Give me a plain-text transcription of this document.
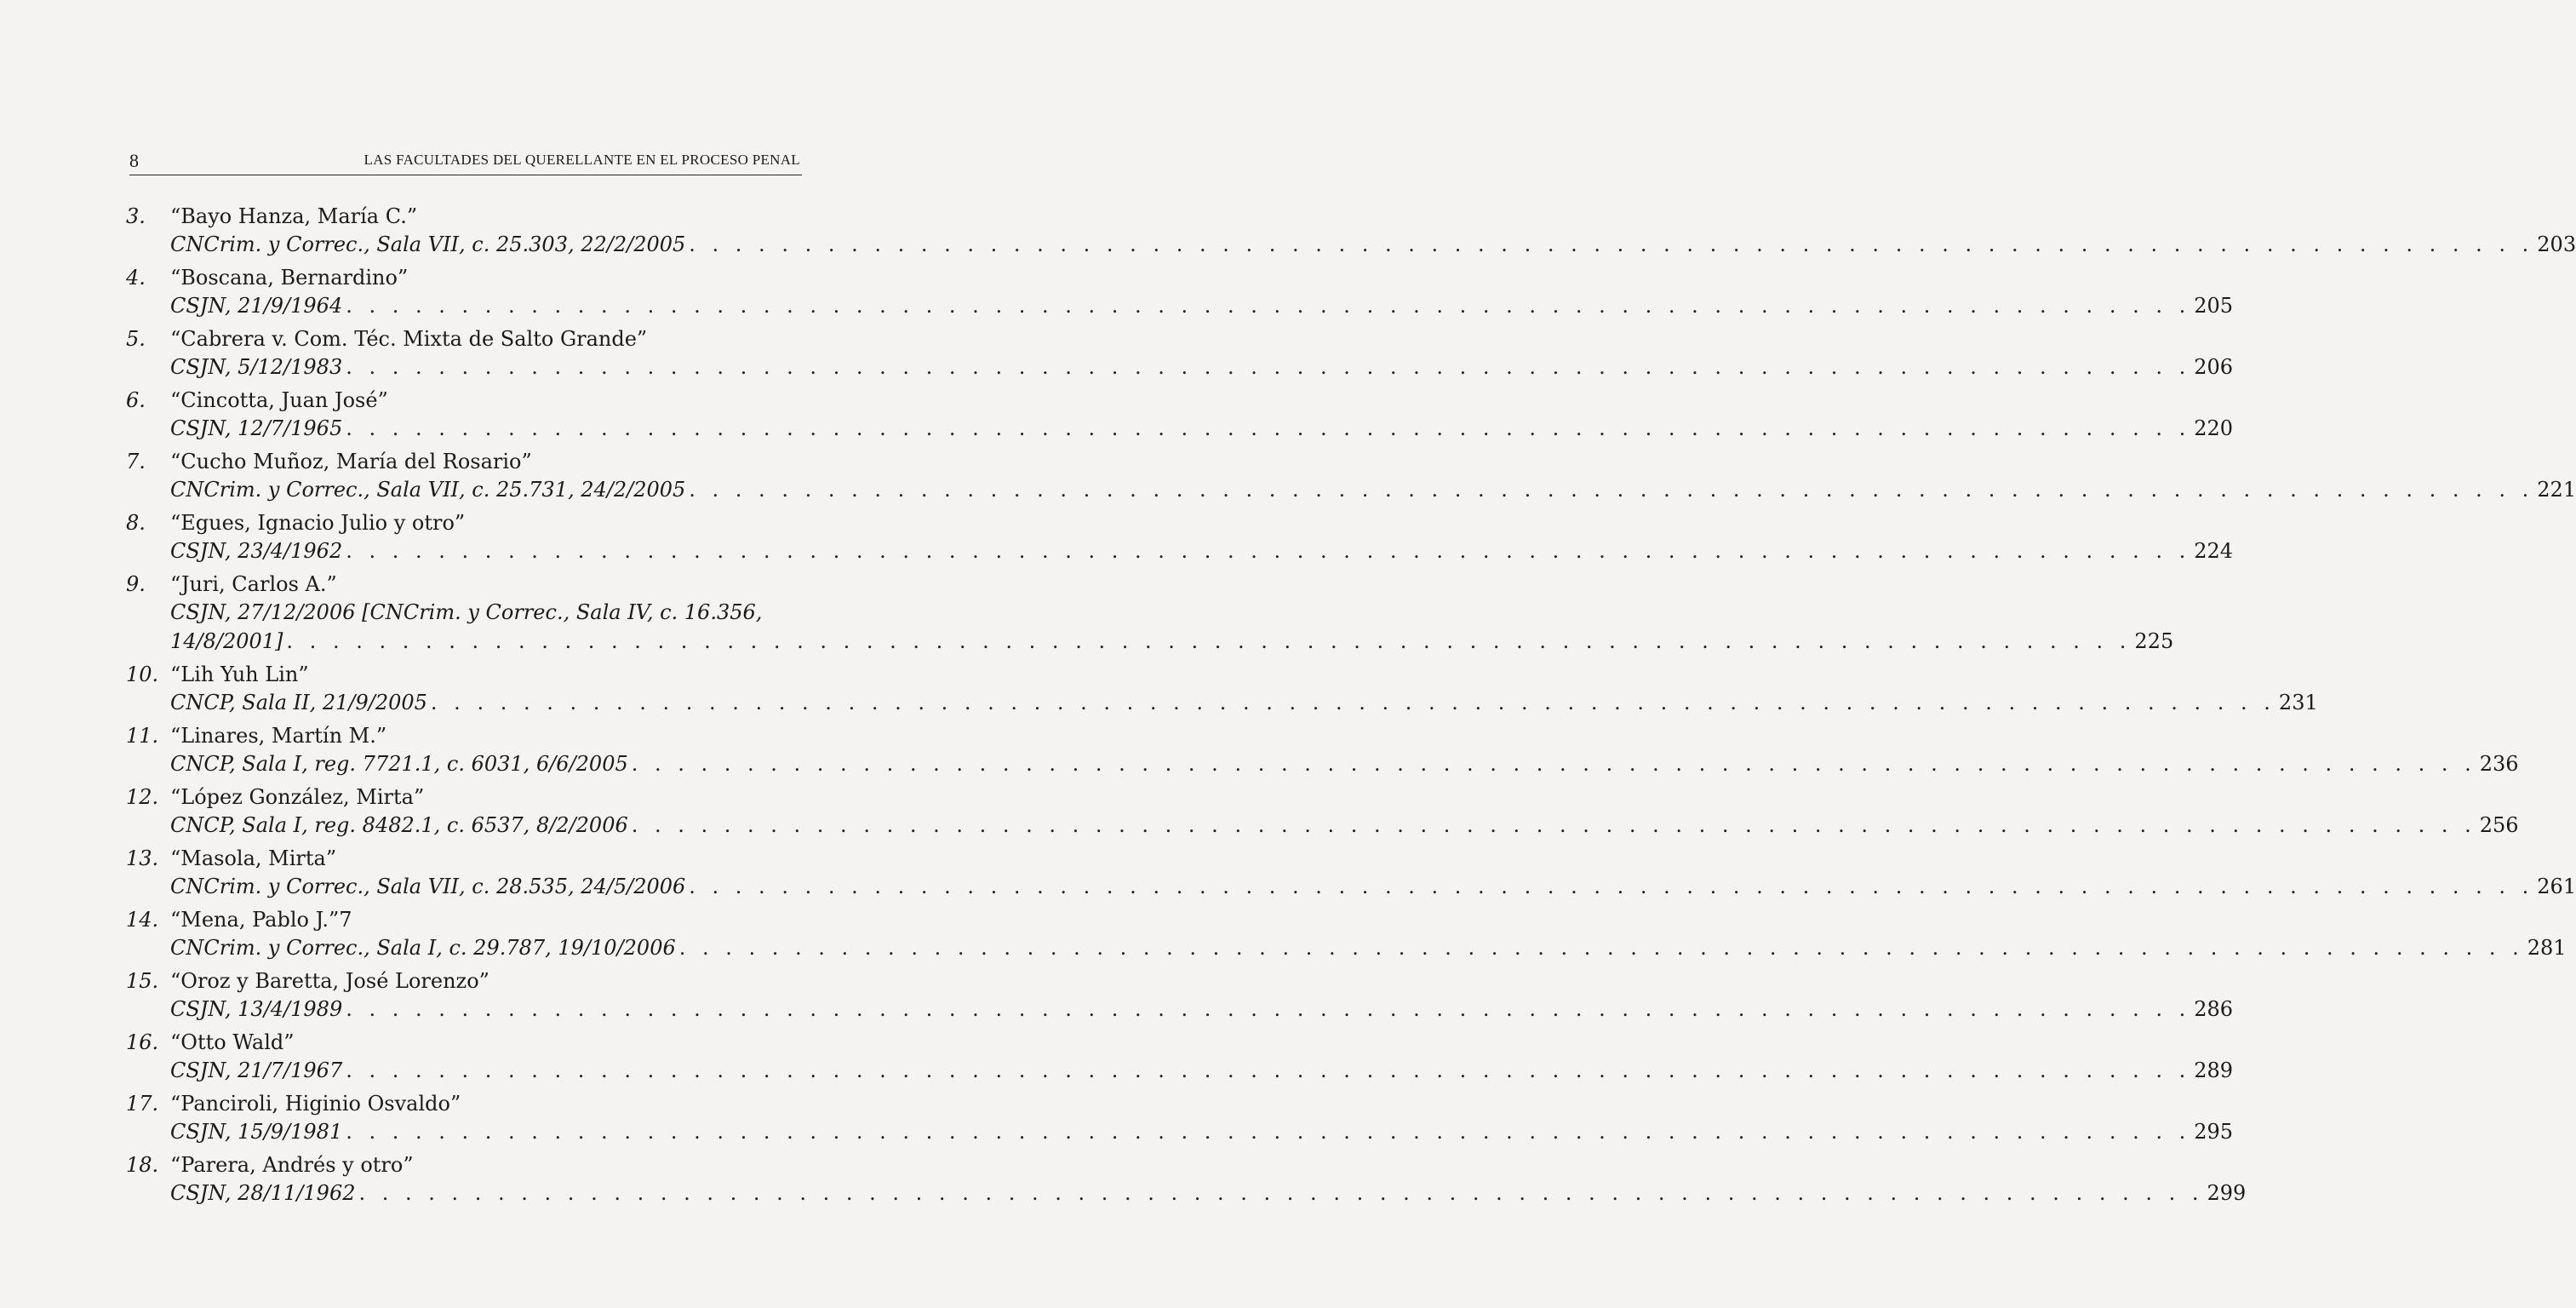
8	LAS FACULTADES DEL QUERELLANTE EN EL PROCESO PENAL
3. “Bayo Hanza, María C.”
CNCrim. y Correc., Sala VII, c. 25.303, 22/2/2005 . . . . . . . . . . . . . . . . . . . . . . . . . . . . . . . . . . . . . . . . . . . . . . . . . . . . . . . . . . . . . . . . . . . . . . . . . . . . . . . . 203
4. “Boscana, Bernardino”
CSJN, 21/9/1964 . . . . . . . . . . . . . . . . . . . . . . . . . . . . . . . . . . . . . . . . . . . . . . . . . . . . . . . . . . . . . . . . . . . . . . . . . . . . . . . . 205
5. “Cabrera v. Com. Téc. Mixta de Salto Grande”
CSJN, 5/12/1983 . . . . . . . . . . . . . . . . . . . . . . . . . . . . . . . . . . . . . . . . . . . . . . . . . . . . . . . . . . . . . . . . . . . . . . . . . . . . . . . . 206
6. “Cincotta, Juan José”
CSJN, 12/7/1965 . . . . . . . . . . . . . . . . . . . . . . . . . . . . . . . . . . . . . . . . . . . . . . . . . . . . . . . . . . . . . . . . . . . . . . . . . . . . . . . . 220
7. “Cucho Muñoz, María del Rosario”
CNCrim. y Correc., Sala VII, c. 25.731, 24/2/2005 . . . . . . . . . . . . . . . . . . . . . . . . . . . . . . . . . . . . . . . . . . . . . . . . . . . . . . . . . . . . . . . . . . . . . . . . . . . . . . . . 221
8. “Egues, Ignacio Julio y otro”
CSJN, 23/4/1962 . . . . . . . . . . . . . . . . . . . . . . . . . . . . . . . . . . . . . . . . . . . . . . . . . . . . . . . . . . . . . . . . . . . . . . . . . . . . . . . . 224
9. “Juri, Carlos A.”
CSJN, 27/12/2006 [CNCrim. y Correc., Sala IV, c. 16.356,
14/8/2001] . . . . . . . . . . . . . . . . . . . . . . . . . . . . . . . . . . . . . . . . . . . . . . . . . . . . . . . . . . . . . . . . . . . . . . . . . . . . . . . . 225
10. “Lih Yuh Lin”
CNCP, Sala II, 21/9/2005 . . . . . . . . . . . . . . . . . . . . . . . . . . . . . . . . . . . . . . . . . . . . . . . . . . . . . . . . . . . . . . . . . . . . . . . . . . . . . . . . 231
11. “Linares, Martín M.”
CNCP, Sala I, reg. 7721.1, c. 6031, 6/6/2005 . . . . . . . . . . . . . . . . . . . . . . . . . . . . . . . . . . . . . . . . . . . . . . . . . . . . . . . . . . . . . . . . . . . . . . . . . . . . . . . . 236
12. “López González, Mirta”
CNCP, Sala I, reg. 8482.1, c. 6537, 8/2/2006 . . . . . . . . . . . . . . . . . . . . . . . . . . . . . . . . . . . . . . . . . . . . . . . . . . . . . . . . . . . . . . . . . . . . . . . . . . . . . . . . 256
13. “Masola, Mirta”
CNCrim. y Correc., Sala VII, c. 28.535, 24/5/2006 . . . . . . . . . . . . . . . . . . . . . . . . . . . . . . . . . . . . . . . . . . . . . . . . . . . . . . . . . . . . . . . . . . . . . . . . . . . . . . . . 261
14. “Mena, Pablo J.”7
CNCrim. y Correc., Sala I, c. 29.787, 19/10/2006 . . . . . . . . . . . . . . . . . . . . . . . . . . . . . . . . . . . . . . . . . . . . . . . . . . . . . . . . . . . . . . . . . . . . . . . . . . . . . . . . 281
15. “Oroz y Baretta, José Lorenzo”
CSJN, 13/4/1989 . . . . . . . . . . . . . . . . . . . . . . . . . . . . . . . . . . . . . . . . . . . . . . . . . . . . . . . . . . . . . . . . . . . . . . . . . . . . . . . . 286
16. “Otto Wald”
CSJN, 21/7/1967 . . . . . . . . . . . . . . . . . . . . . . . . . . . . . . . . . . . . . . . . . . . . . . . . . . . . . . . . . . . . . . . . . . . . . . . . . . . . . . . . 289
17. “Panciroli, Higinio Osvaldo”
CSJN, 15/9/1981 . . . . . . . . . . . . . . . . . . . . . . . . . . . . . . . . . . . . . . . . . . . . . . . . . . . . . . . . . . . . . . . . . . . . . . . . . . . . . . . . 295
18. “Parera, Andrés y otro”
CSJN, 28/11/1962 . . . . . . . . . . . . . . . . . . . . . . . . . . . . . . . . . . . . . . . . . . . . . . . . . . . . . . . . . . . . . . . . . . . . . . . . . . . . . . . . 299
